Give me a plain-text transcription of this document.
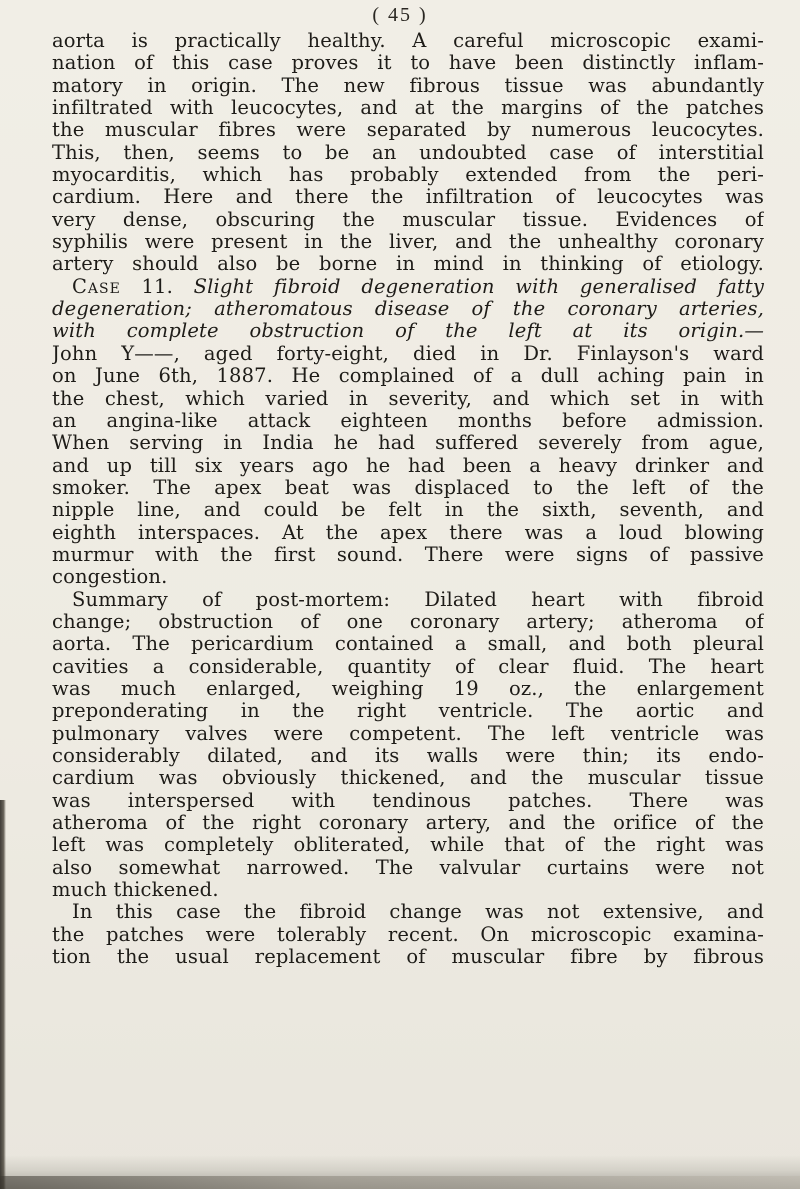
( 45 )
aorta is practically healthy. A careful microscopic exami-
nation of this case proves it to have been distinctly inflam-
matory in origin. The new fibrous tissue was abundantly
infiltrated with leucocytes, and at the margins of the patches
the muscular fibres were separated by numerous leucocytes.
This, then, seems to be an undoubted case of interstitial
myocarditis, which has probably extended from the peri-
cardium. Here and there the infiltration of leucocytes was
very dense, obscuring the muscular tissue. Evidences of
syphilis were present in the liver, and the unhealthy coronary
artery should also be borne in mind in thinking of etiology.
Case 11. Slight fibroid degeneration with generalised fatty
degeneration; atheromatous disease of the coronary arteries,
with complete obstruction of the left at its origin.—
John Y——, aged forty-eight, died in Dr. Finlayson's ward
on June 6th, 1887. He complained of a dull aching pain in
the chest, which varied in severity, and which set in with
an angina-like attack eighteen months before admission.
When serving in India he had suffered severely from ague,
and up till six years ago he had been a heavy drinker and
smoker. The apex beat was displaced to the left of the
nipple line, and could be felt in the sixth, seventh, and
eighth interspaces. At the apex there was a loud blowing
murmur with the first sound. There were signs of passive
congestion.
Summary of post-mortem: Dilated heart with fibroid
change; obstruction of one coronary artery; atheroma of
aorta. The pericardium contained a small, and both pleural
cavities a considerable, quantity of clear fluid. The heart
was much enlarged, weighing 19 oz., the enlargement
preponderating in the right ventricle. The aortic and
pulmonary valves were competent. The left ventricle was
considerably dilated, and its walls were thin; its endo-
cardium was obviously thickened, and the muscular tissue
was interspersed with tendinous patches. There was
atheroma of the right coronary artery, and the orifice of the
left was completely obliterated, while that of the right was
also somewhat narrowed. The valvular curtains were not
much thickened.
In this case the fibroid change was not extensive, and
the patches were tolerably recent. On microscopic examina-
tion the usual replacement of muscular fibre by fibrous
